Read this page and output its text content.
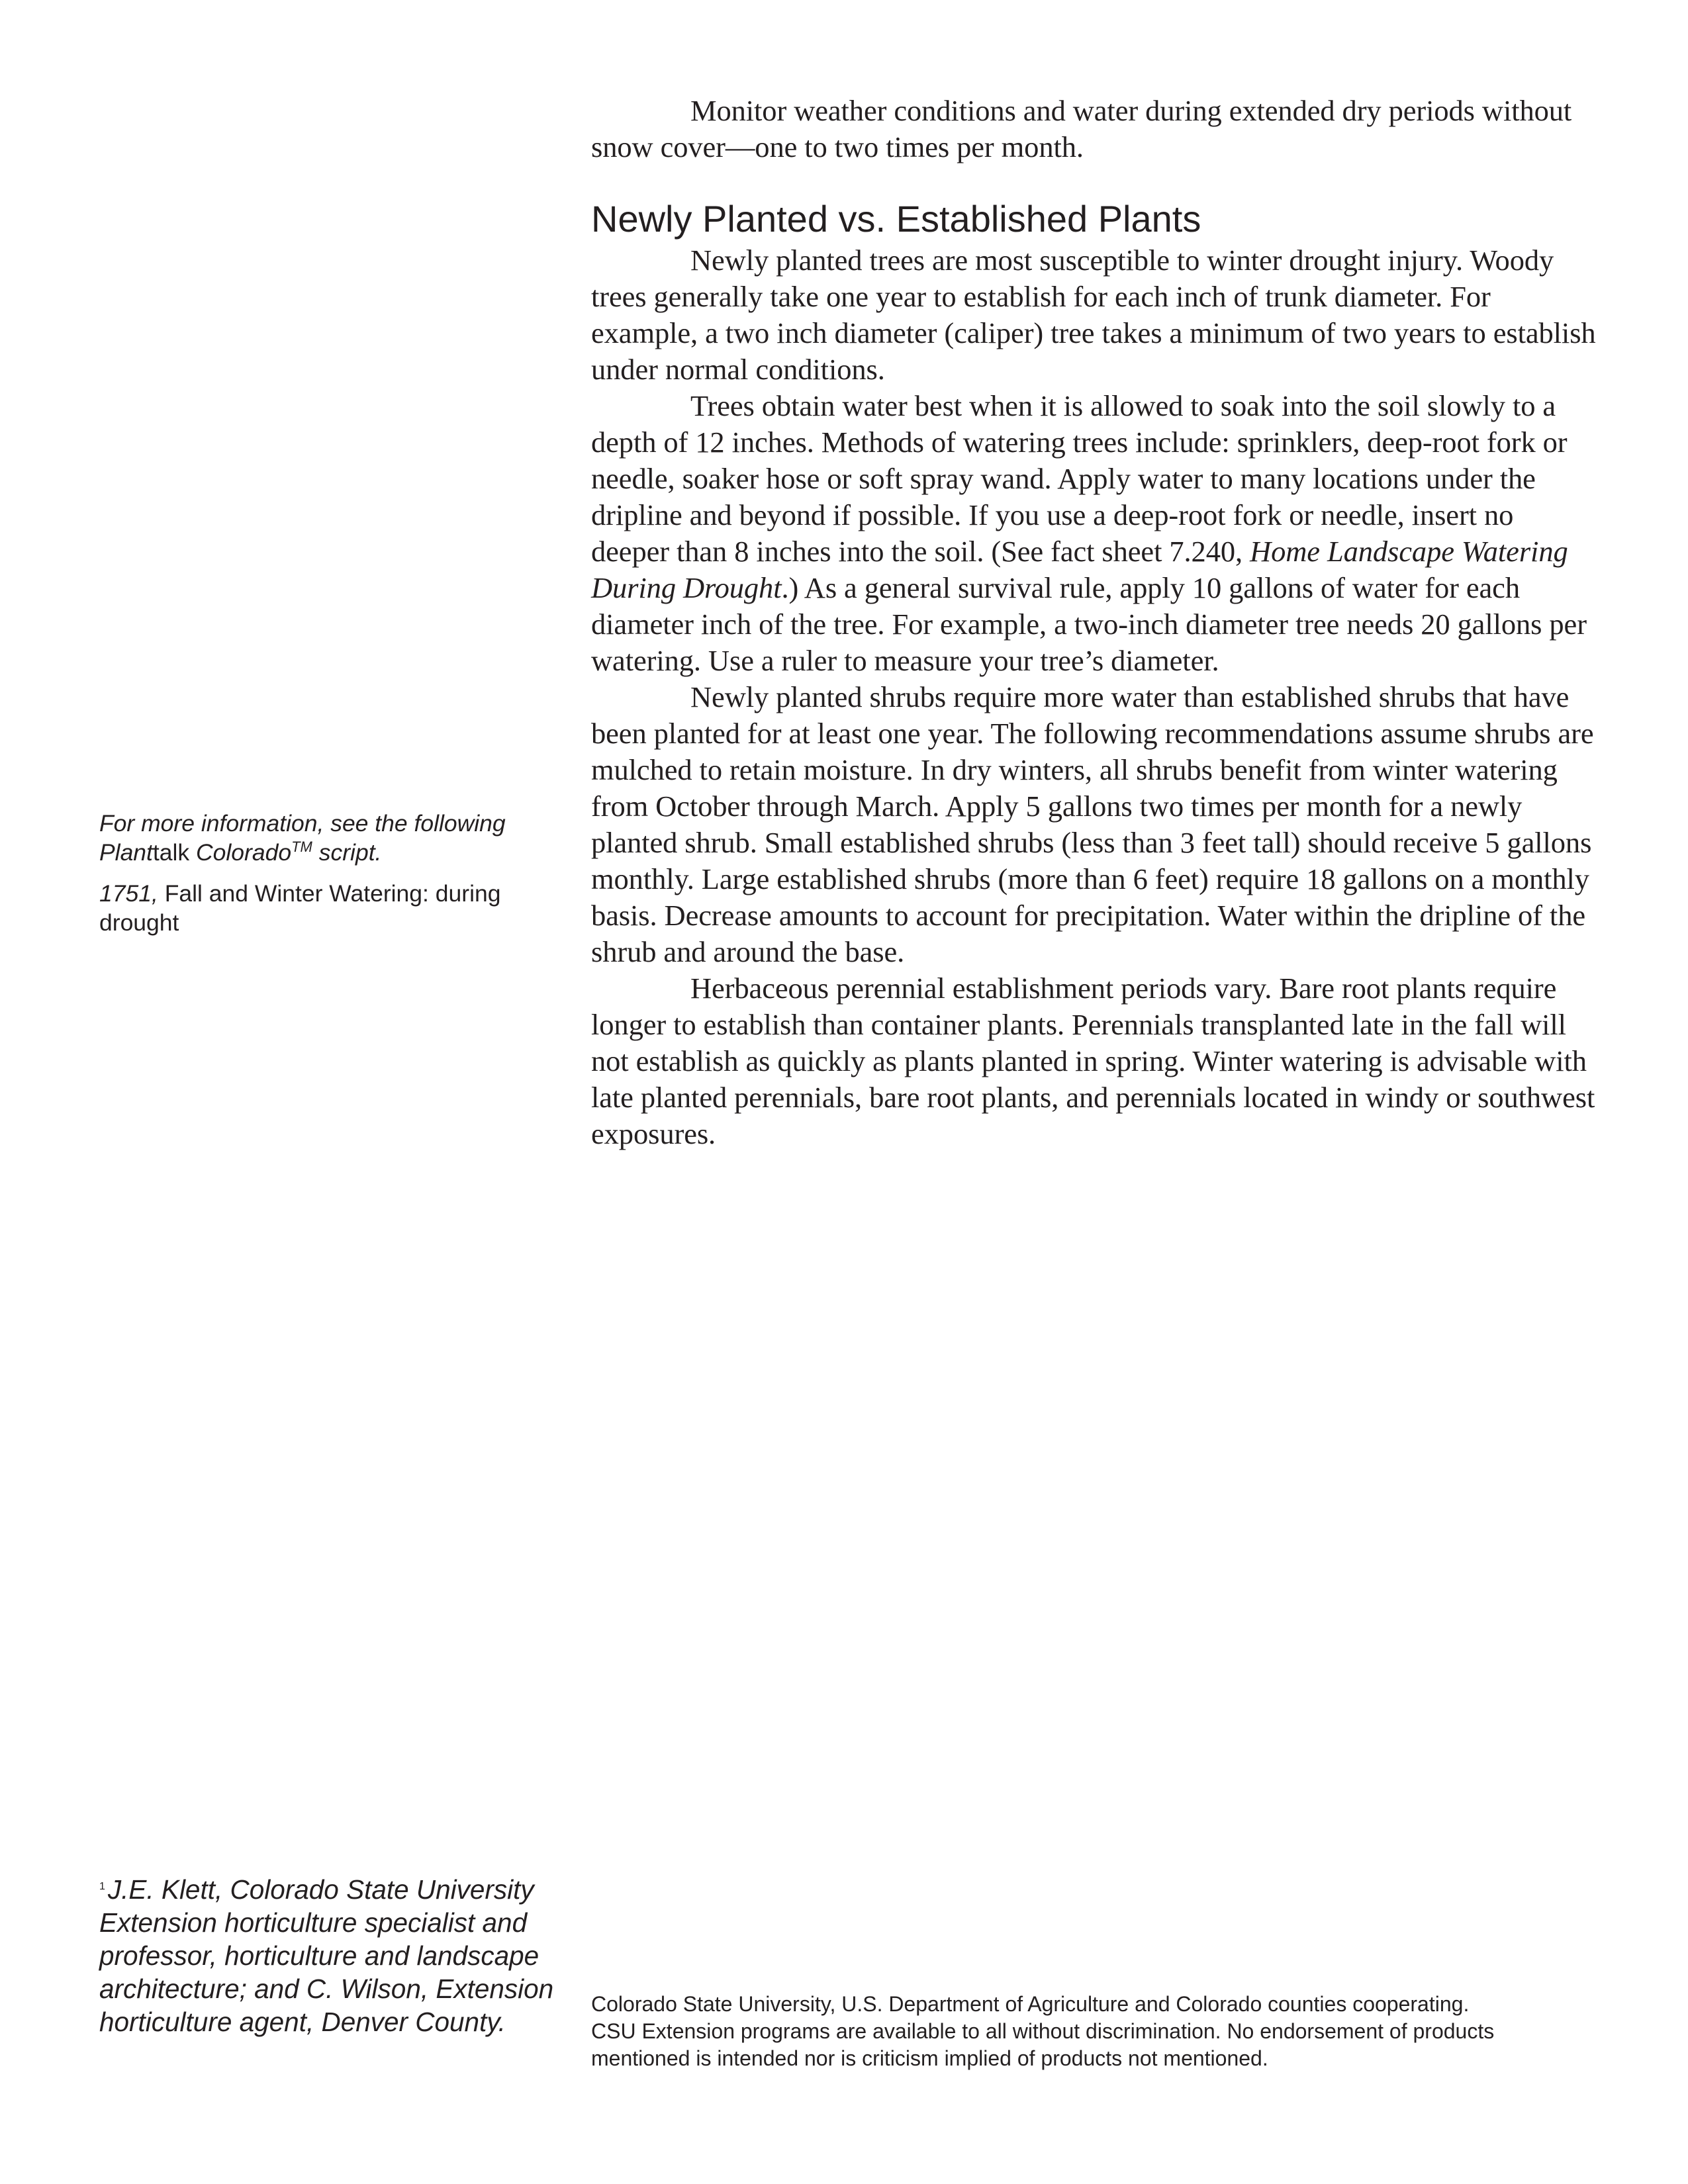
Monitor weather conditions and water during extended dry periods without snow cover—one to two times per month.

Newly Planted vs. Established Plants

Newly planted trees are most susceptible to winter drought injury. Woody trees generally take one year to establish for each inch of trunk diameter. For example, a two inch diameter (caliper) tree takes a minimum of two years to establish under normal conditions.

Trees obtain water best when it is allowed to soak into the soil slowly to a depth of 12 inches. Methods of watering trees include: sprinklers, deep-root fork or needle, soaker hose or soft spray wand. Apply water to many locations under the dripline and beyond if possible. If you use a deep-root fork or needle, insert no deeper than 8 inches into the soil. (See fact sheet 7.240, Home Landscape Watering During Drought.) As a general survival rule, apply 10 gallons of water for each diameter inch of the tree. For example, a two-inch diameter tree needs 20 gallons per watering. Use a ruler to measure your tree’s diameter.

Newly planted shrubs require more water than established shrubs that have been planted for at least one year. The following recommendations assume shrubs are mulched to retain moisture. In dry winters, all shrubs benefit from winter watering from October through March. Apply 5 gallons two times per month for a newly planted shrub. Small established shrubs (less than 3 feet tall) should receive 5 gallons monthly. Large established shrubs (more than 6 feet) require 18 gallons on a monthly basis. Decrease amounts to account for precipitation. Water within the dripline of the shrub and around the base.

Herbaceous perennial establishment periods vary. Bare root plants require longer to establish than container plants. Perennials transplanted late in the fall will not establish as quickly as plants planted in spring. Winter watering is advisable with late planted perennials, bare root plants, and perennials located in windy or southwest exposures.

For more information, see the following
Planttalk Colorado™ script.

1751, Fall and Winter Watering: during drought

$^1$J.E. Klett, Colorado State University Extension horticulture specialist and professor, horticulture and landscape architecture; and C. Wilson, Extension horticulture agent, Denver County.
Colorado State University, U.S. Department of Agriculture and Colorado counties cooperating.
CSU Extension programs are available to all without discrimination. No endorsement of products
mentioned is intended nor is criticism implied of products not mentioned.
